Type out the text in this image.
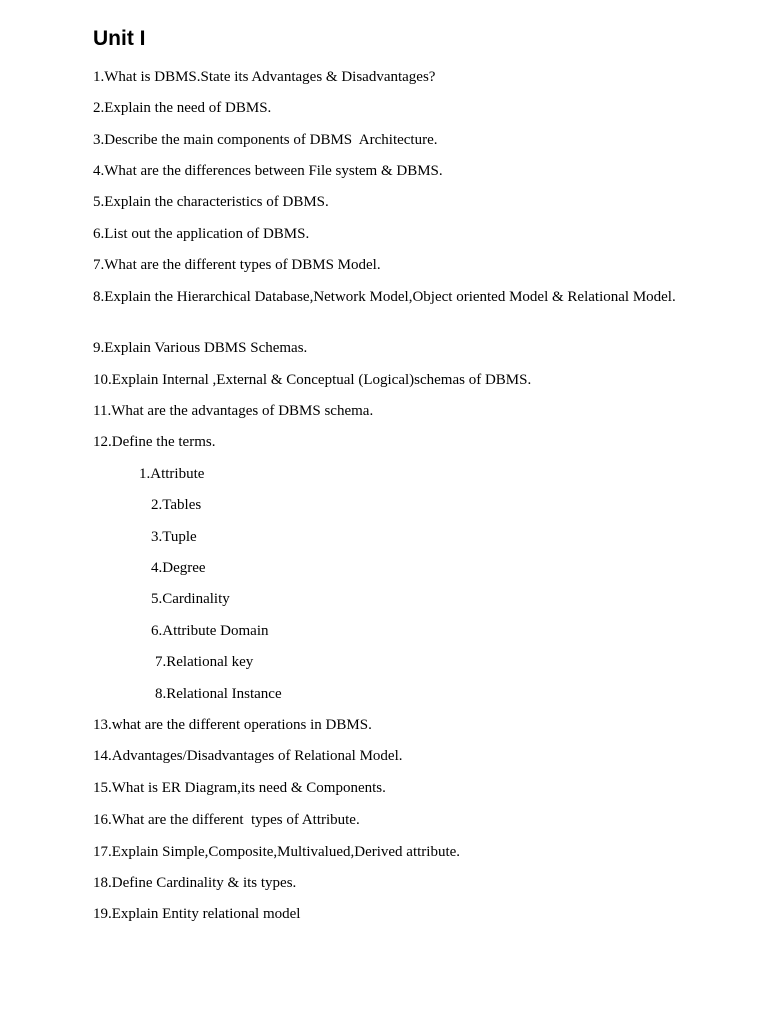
Unit I

1.What is DBMS.State its Advantages & Disadvantages?

2.Explain the need of DBMS.

3.Describe the main components of DBMS  Architecture.

4.What are the differences between File system & DBMS.

5.Explain the characteristics of DBMS.

6.List out the application of DBMS.

7.What are the different types of DBMS Model.

8.Explain the Hierarchical Database,Network Model,Object oriented Model & Relational Model.

9.Explain Various DBMS Schemas.

10.Explain Internal ,External & Conceptual (Logical)schemas of DBMS.

11.What are the advantages of DBMS schema.

12.Define the terms.

1.Attribute

2.Tables

3.Tuple

4.Degree

5.Cardinality

6.Attribute Domain

7.Relational key

8.Relational Instance

13.what are the different operations in DBMS.

14.Advantages/Disadvantages of Relational Model.

15.What is ER Diagram,its need & Components.

16.What are the different  types of Attribute.

17.Explain Simple,Composite,Multivalued,Derived attribute.

18.Define Cardinality & its types.

19.Explain Entity relational model
